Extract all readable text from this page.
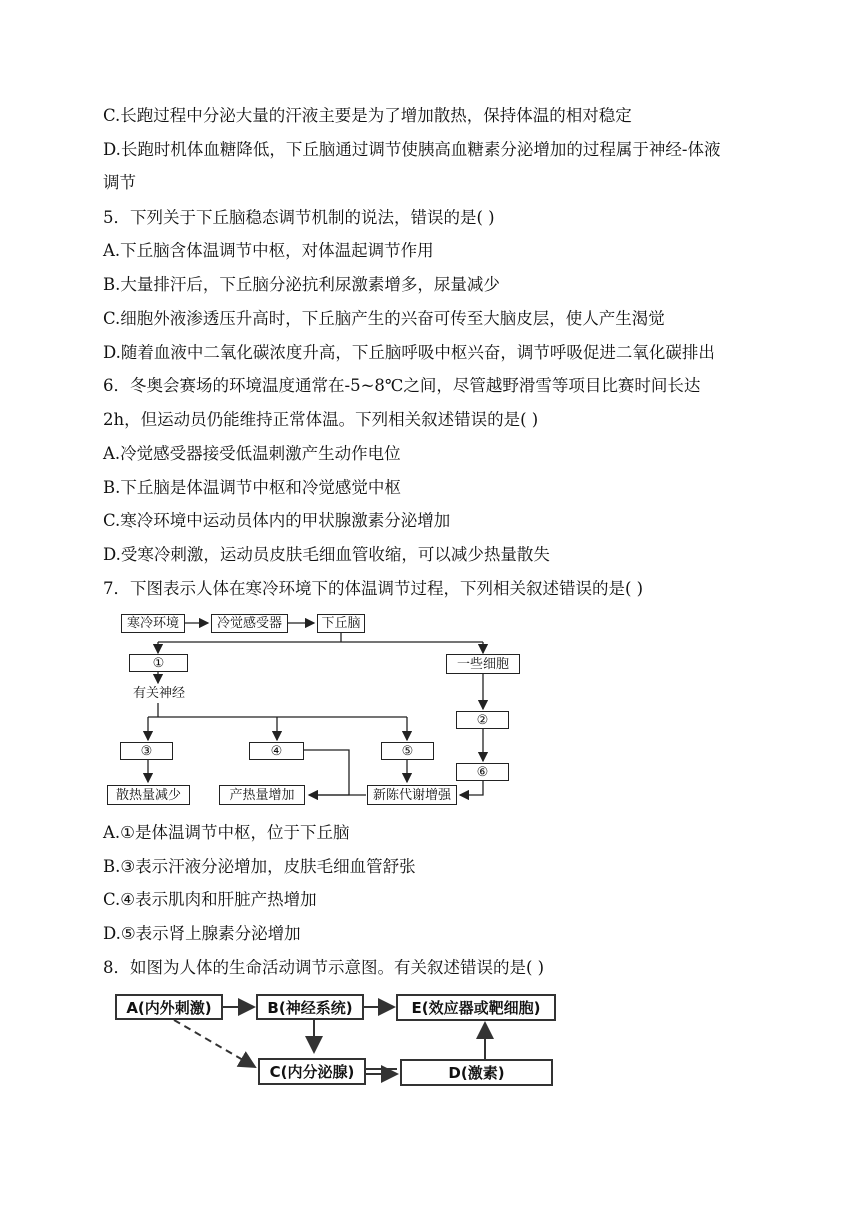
C.长跑过程中分泌大量的汗液主要是为了增加散热，保持体温的相对稳定

D.长跑时机体血糖降低，下丘脑通过调节使胰高血糖素分泌增加的过程属于神经-体液

调节

5．下列关于下丘脑稳态调节机制的说法，错误的是( )

A.下丘脑含体温调节中枢，对体温起调节作用

B.大量排汗后，下丘脑分泌抗利尿激素增多，尿量减少

C.细胞外液渗透压升高时，下丘脑产生的兴奋可传至大脑皮层，使人产生渴觉

D.随着血液中二氧化碳浓度升高，下丘脑呼吸中枢兴奋，调节呼吸促进二氧化碳排出

6．冬奥会赛场的环境温度通常在-5~8℃之间，尽管越野滑雪等项目比赛时间长达

2h，但运动员仍能维持正常体温。下列相关叙述错误的是( )

A.冷觉感受器接受低温刺激产生动作电位

B.下丘脑是体温调节中枢和冷觉感觉中枢

C.寒冷环境中运动员体内的甲状腺激素分泌增加

D.受寒冷刺激，运动员皮肤毛细血管收缩，可以减少热量散失

7．下图表示人体在寒冷环境下的体温调节过程，下列相关叙述错误的是( )

寒冷环境	冷觉感受器	下丘脑
①	一些细胞
有关神经
②
③	④	⑤
⑥
散热量减少	产热量增加	新陈代谢增强

A.①是体温调节中枢，位于下丘脑

B.③表示汗液分泌增加，皮肤毛细血管舒张

C.④表示肌肉和肝脏产热增加

D.⑤表示肾上腺素分泌增加

8．如图为人体的生命活动调节示意图。有关叙述错误的是( )

A(内外刺激)	B(神经系统)	E(效应器或靶细胞)
C(内分泌腺)	D(激素)
